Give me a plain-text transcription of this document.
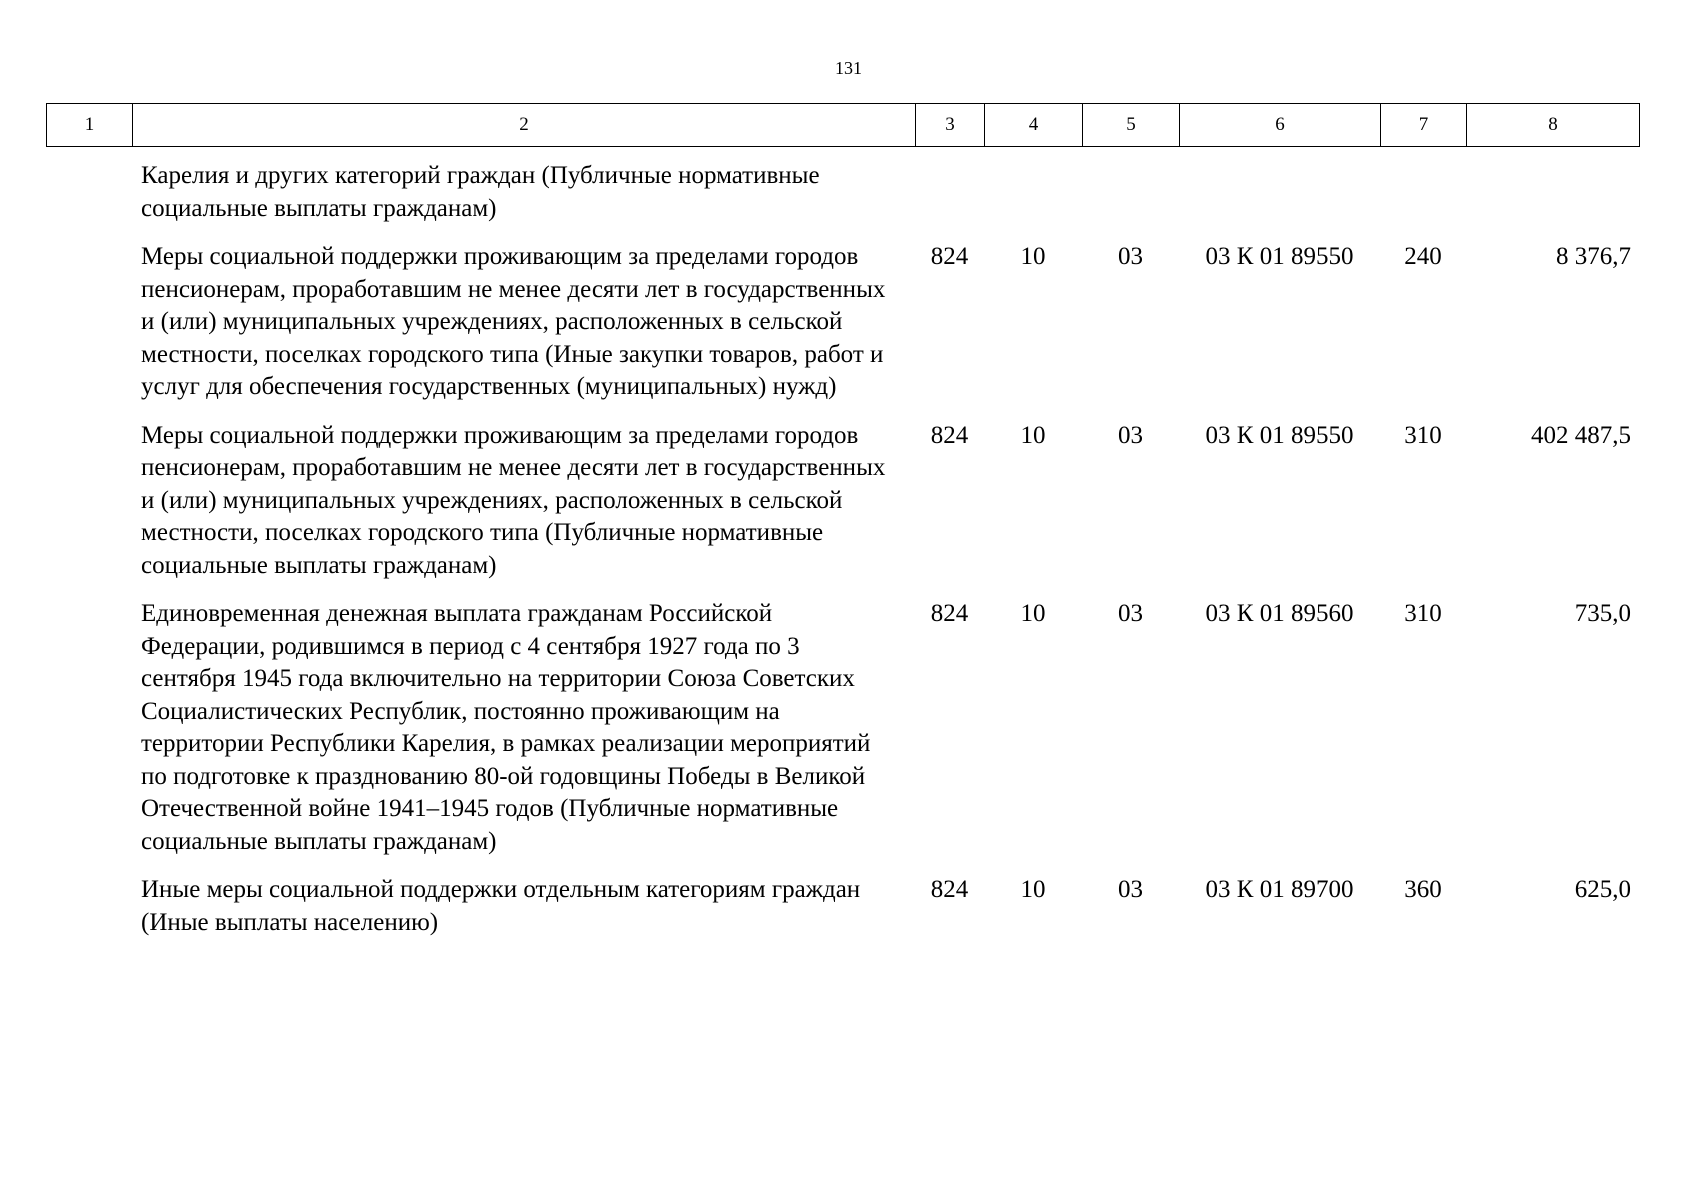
131
1	2	3	4	5	6	7	8
Карелия и других категорий граждан (Публичные нормативные социальные выплаты гражданам)
Меры социальной поддержки проживающим за пределами городов пенсионерам, проработавшим не менее десяти лет в государственных и (или) муниципальных учреждениях, расположенных в сельской местности, поселках городского типа (Иные закупки товаров, работ и услуг для обеспечения государственных (муниципальных) нужд)
824	10	03	03 К 01 89550	240	8 376,7
Меры социальной поддержки проживающим за пределами городов пенсионерам, проработавшим не менее десяти лет в государственных и (или) муниципальных учреждениях, расположенных в сельской местности, поселках городского типа (Публичные нормативные социальные выплаты гражданам)
824	10	03	03 К 01 89550	310	402 487,5
Единовременная денежная выплата гражданам Российской Федерации, родившимся в период с 4 сентября 1927 года по 3 сентября 1945 года включительно на территории Союза Советских Социалистических Республик, постоянно проживающим на территории Республики Карелия, в рамках реализации мероприятий по подготовке к празднованию 80-ой годовщины Победы в Великой Отечественной войне 1941–1945 годов (Публичные нормативные социальные выплаты гражданам)
824	10	03	03 К 01 89560	310	735,0
Иные меры социальной поддержки отдельным категориям граждан (Иные выплаты населению)
824	10	03	03 К 01 89700	360	625,0
